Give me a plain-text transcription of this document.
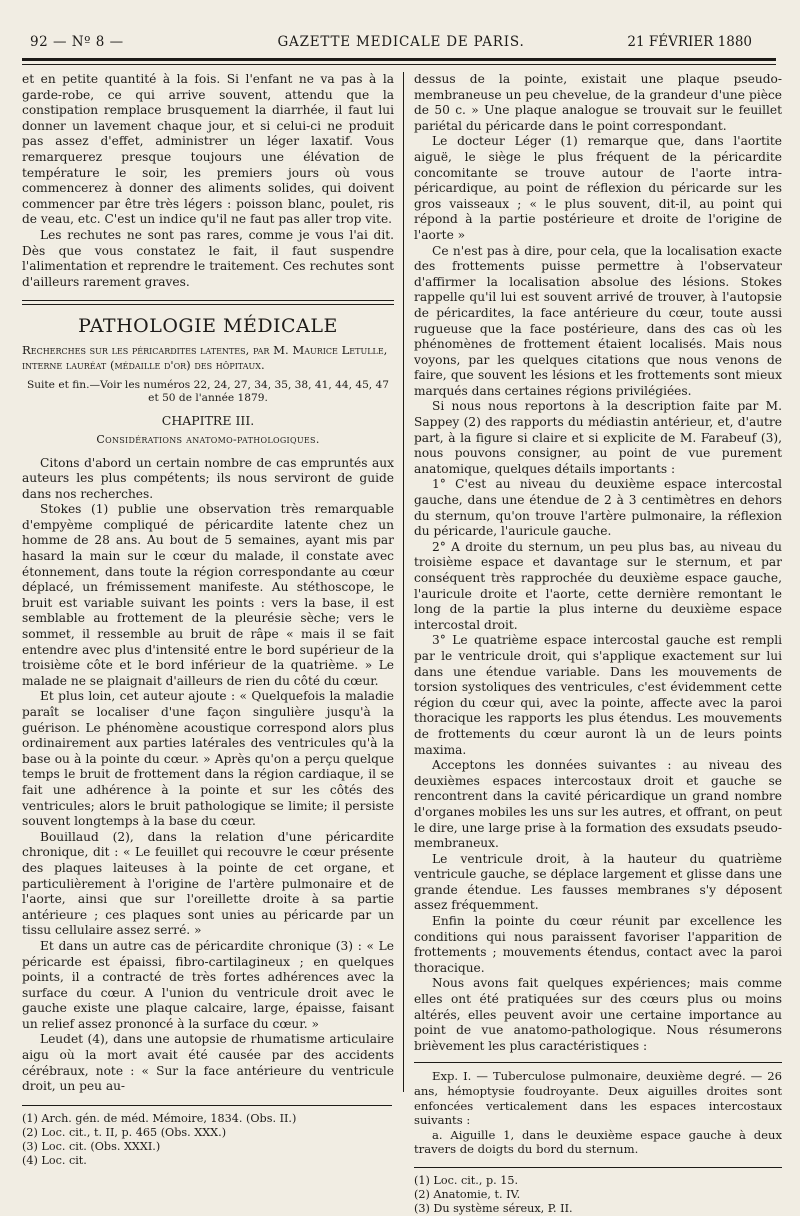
92 — Nº 8 —	GAZETTE MEDICALE DE PARIS.	21 FÉVRIER 1880

et en petite quantité à la fois. Si l'enfant ne va pas à la garde-robe, ce qui arrive souvent, attendu que la constipation remplace brusquement la diarrhée, il faut lui donner un lavement chaque jour, et si celui-ci ne produit pas assez d'effet, administrer un léger laxatif. Vous remarquerez presque toujours une élévation de température le soir, les premiers jours où vous commencerez à donner des aliments solides, qui doivent commencer par être très légers : poisson blanc, poulet, ris de veau, etc. C'est un indice qu'il ne faut pas aller trop vite.

Les rechutes ne sont pas rares, comme je vous l'ai dit. Dès que vous constatez le fait, il faut suspendre l'alimentation et reprendre le traitement. Ces rechutes sont d'ailleurs rarement graves.

PATHOLOGIE MÉDICALE

Recherches sur les péricardites latentes, par M. Maurice Letulle, interne lauréat (médaille d'or) des hôpitaux.

Suite et fin.—Voir les numéros 22, 24, 27, 34, 35, 38, 41, 44, 45, 47 et 50 de l'année 1879.

CHAPITRE III.
Considérations anatomo-pathologiques.

Citons d'abord un certain nombre de cas empruntés aux auteurs les plus compétents; ils nous serviront de guide dans nos recherches.

Stokes (1) publie une observation très remarquable d'empyème compliqué de péricardite latente chez un homme de 28 ans. Au bout de 5 semaines, ayant mis par hasard la main sur le cœur du malade, il constate avec étonnement, dans toute la région correspondante au cœur déplacé, un frémissement manifeste. Au stéthoscope, le bruit est variable suivant les points : vers la base, il est semblable au frottement de la pleurésie sèche; vers le sommet, il ressemble au bruit de râpe « mais il se fait entendre avec plus d'intensité entre le bord supérieur de la troisième côte et le bord inférieur de la quatrième. » Le malade ne se plaignait d'ailleurs de rien du côté du cœur.

Et plus loin, cet auteur ajoute : « Quelquefois la maladie paraît se localiser d'une façon singulière jusqu'à la guérison. Le phénomène acoustique correspond alors plus ordinairement aux parties latérales des ventricules qu'à la base ou à la pointe du cœur. » Après qu'on a perçu quelque temps le bruit de frottement dans la région cardiaque, il se fait une adhérence à la pointe et sur les côtés des ventricules; alors le bruit pathologique se limite; il persiste souvent longtemps à la base du cœur.

Bouillaud (2), dans la relation d'une péricardite chronique, dit : « Le feuillet qui recouvre le cœur présente des plaques laiteuses à la pointe de cet organe, et particulièrement à l'origine de l'artère pulmonaire et de l'aorte, ainsi que sur l'oreillette droite à sa partie antérieure ; ces plaques sont unies au péricarde par un tissu cellulaire assez serré. »

Et dans un autre cas de péricardite chronique (3) : « Le péricarde est épaissi, fibro-cartilagineux ; en quelques points, il a contracté de très fortes adhérences avec la surface du cœur. A l'union du ventricule droit avec le gauche existe une plaque calcaire, large, épaisse, faisant un relief assez prononcé à la surface du cœur. »

Leudet (4), dans une autopsie de rhumatisme articulaire aigu où la mort avait été causée par des accidents cérébraux, note : « Sur la face antérieure du ventricule droit, un peu au-

(1) Arch. gén. de méd. Mémoire, 1834. (Obs. II.)
(2) Loc. cit., t. II, p. 465 (Obs. XXX.)
(3) Loc. cit. (Obs. XXXI.)
(4) Loc. cit.

dessus de la pointe, existait une plaque pseudo-membraneuse un peu chevelue, de la grandeur d'une pièce de 50 c. » Une plaque analogue se trouvait sur le feuillet pariétal du péricarde dans le point correspondant.

Le docteur Léger (1) remarque que, dans l'aortite aiguë, le siège le plus fréquent de la péricardite concomitante se trouve autour de l'aorte intra-péricardique, au point de réflexion du péricarde sur les gros vaisseaux ; « le plus souvent, dit-il, au point qui répond à la partie postérieure et droite de l'origine de l'aorte »

Ce n'est pas à dire, pour cela, que la localisation exacte des frottements puisse permettre à l'observateur d'affirmer la localisation absolue des lésions. Stokes rappelle qu'il lui est souvent arrivé de trouver, à l'autopsie de péricardites, la face antérieure du cœur, toute aussi rugueuse que la face postérieure, dans des cas où les phénomènes de frottement étaient localisés. Mais nous voyons, par les quelques citations que nous venons de faire, que souvent les lésions et les frottements sont mieux marqués dans certaines régions privilégiées.

Si nous nous reportons à la description faite par M. Sappey (2) des rapports du médiastin antérieur, et, d'autre part, à la figure si claire et si explicite de M. Farabeuf (3), nous pouvons consigner, au point de vue purement anatomique, quelques détails importants :

1° C'est au niveau du deuxième espace intercostal gauche, dans une étendue de 2 à 3 centimètres en dehors du sternum, qu'on trouve l'artère pulmonaire, la réflexion du péricarde, l'auricule gauche.

2° A droite du sternum, un peu plus bas, au niveau du troisième espace et davantage sur le sternum, et par conséquent très rapprochée du deuxième espace gauche, l'auricule droite et l'aorte, cette dernière remontant le long de la partie la plus interne du deuxième espace intercostal droit.

3° Le quatrième espace intercostal gauche est rempli par le ventricule droit, qui s'applique exactement sur lui dans une étendue variable. Dans les mouvements de torsion systoliques des ventricules, c'est évidemment cette région du cœur qui, avec la pointe, affecte avec la paroi thoracique les rapports les plus étendus. Les mouvements de frottements du cœur auront là un de leurs points maxima.

Acceptons les données suivantes : au niveau des deuxièmes espaces intercostaux droit et gauche se rencontrent dans la cavité péricardique un grand nombre d'organes mobiles les uns sur les autres, et offrant, on peut le dire, une large prise à la formation des exsudats pseudo-membraneux.

Le ventricule droit, à la hauteur du quatrième ventricule gauche, se déplace largement et glisse dans une grande étendue. Les fausses membranes s'y déposent assez fréquemment.

Enfin la pointe du cœur réunit par excellence les conditions qui nous paraissent favoriser l'apparition de frottements ; mouvements étendus, contact avec la paroi thoracique.

Nous avons fait quelques expériences; mais comme elles ont été pratiquées sur des cœurs plus ou moins altérés, elles peuvent avoir une certaine importance au point de vue anatomo-pathologique. Nous résumerons brièvement les plus caractéristiques :

Exp. I. — Tuberculose pulmonaire, deuxième degré. — 26 ans, hémoptysie foudroyante. Deux aiguilles droites sont enfoncées verticalement dans les espaces intercostaux suivants :

a. Aiguille 1, dans le deuxième espace gauche à deux travers de doigts du bord du sternum.

(1) Loc. cit., p. 15.
(2) Anatomie, t. IV.
(3) Du système séreux, P. II.
